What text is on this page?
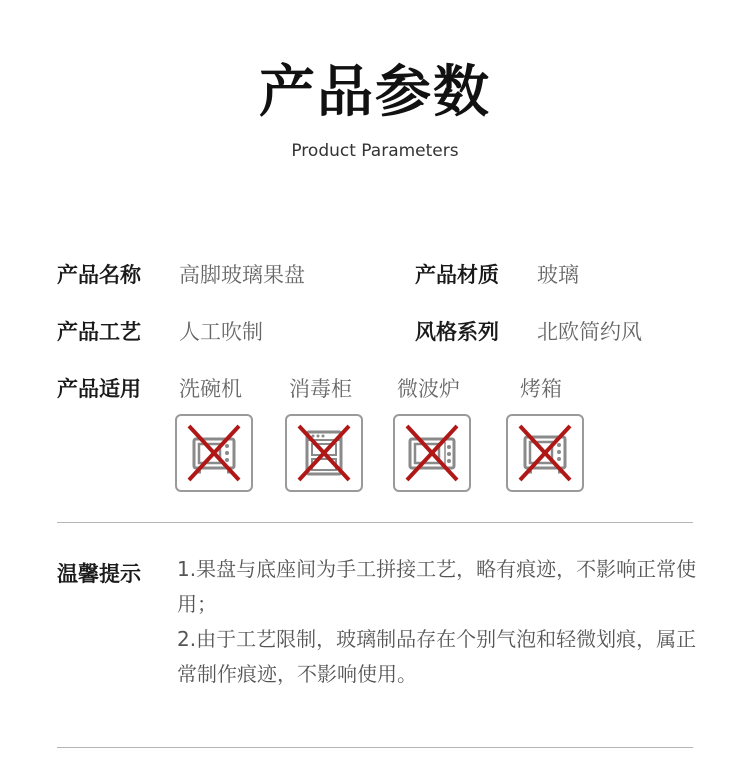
产品参数
Product Parameters
产品名称 高脚玻璃果盘	产品材质 玻璃
产品工艺 人工吹制	风格系列 北欧简约风
产品适用 洗碗机 消毒柜 微波炉	烤箱
温馨提示 1.果盘与底座间为手工拼接工艺，略有痕迹，不影响正常使用；

2.由于工艺限制，玻璃制品存在个别气泡和轻微划痕，属正常制作痕迹，不影响使用。
